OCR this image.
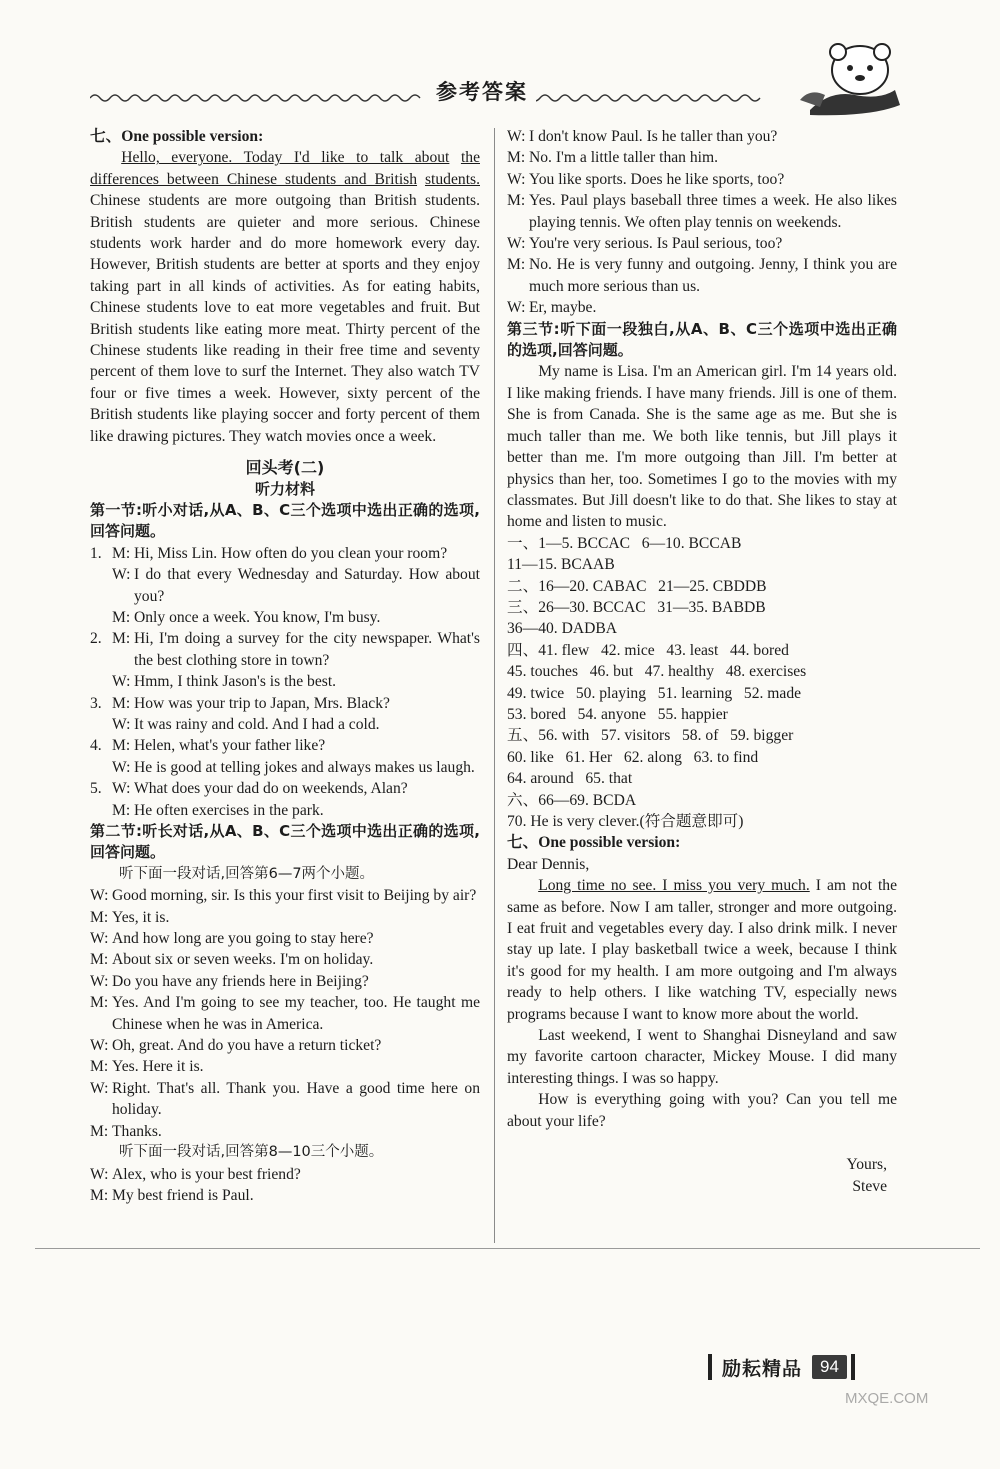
参考答案

七、One possible version:

Hello, everyone. Today I'd like to talk about the differences between Chinese students and British students. Chinese students are more outgoing than British students. British students are quieter and more serious. Chinese students work harder and do more homework every day. However, British students are better at sports and they enjoy taking part in all kinds of activities. As for eating habits, Chinese students love to eat more vegetables and fruit. But British students like eating more meat. Thirty percent of the Chinese students like reading in their free time and seventy percent of them love to surf the Internet. They also watch TV four or five times a week. However, sixty percent of the British students like playing soccer and forty percent of them like drawing pictures. They watch movies once a week.

回头考(二)

听力材料

第一节:听小对话,从A、B、C三个选项中选出正确的选项,回答问题。

1. M: Hi, Miss Lin. How often do you clean your room?
W: I do that every Wednesday and Saturday. How about you?
M: Only once a week. You know, I'm busy.
2. M: Hi, I'm doing a survey for the city newspaper. What's the best clothing store in town?
W: Hmm, I think Jason's is the best.
3. M: How was your trip to Japan, Mrs. Black?
W: It was rainy and cold. And I had a cold.
4. M: Helen, what's your father like?
W: He is good at telling jokes and always makes us laugh.
5. W: What does your dad do on weekends, Alan?
M: He often exercises in the park.

第二节:听长对话,从A、B、C三个选项中选出正确的选项,回答问题。

听下面一段对话,回答第6—7两个小题。

W: Good morning, sir. Is this your first visit to Beijing by air?
M: Yes, it is.
W: And how long are you going to stay here?
M: About six or seven weeks. I'm on holiday.
W: Do you have any friends here in Beijing?
M: Yes. And I'm going to see my teacher, too. He taught me Chinese when he was in America.
W: Oh, great. And do you have a return ticket?
M: Yes. Here it is.
W: Right. That's all. Thank you. Have a good time here on holiday.
M: Thanks.

听下面一段对话,回答第8—10三个小题。

W: Alex, who is your best friend?
M: My best friend is Paul.
W: I don't know Paul. Is he taller than you?
M: No. I'm a little taller than him.
W: You like sports. Does he like sports, too?
M: Yes. Paul plays baseball three times a week. He also likes playing tennis. We often play tennis on weekends.
W: You're very serious. Is Paul serious, too?
M: No. He is very funny and outgoing. Jenny, I think you are much more serious than us.
W: Er, maybe.

第三节:听下面一段独白,从A、B、C三个选项中选出正确的选项,回答问题。

My name is Lisa. I'm an American girl. I'm 14 years old. I like making friends. I have many friends. Jill is one of them. She is from Canada. She is the same age as me. But she is much taller than me. We both like tennis, but Jill plays it better than me. I'm more outgoing than Jill. I'm better at physics than her, too. Sometimes I go to the movies with my classmates. But Jill doesn't like to do that. She likes to stay at home and listen to music.

一、1—5. BCCAC   6—10. BCCAB

11—15. BCAAB

二、16—20. CABAC   21—25. CBDDB

三、26—30. BCCAC   31—35. BABDB

36—40. DADBA

四、41. flew   42. mice   43. least   44. bored

45. touches   46. but   47. healthy   48. exercises

49. twice   50. playing   51. learning   52. made

53. bored   54. anyone   55. happier

五、56. with   57. visitors   58. of   59. bigger

60. like   61. Her   62. along   63. to find

64. around   65. that

六、66—69. BCDA

70. He is very clever.(符合题意即可)

七、One possible version:

Dear Dennis,

Long time no see. I miss you very much. I am not the same as before. Now I am taller, stronger and more outgoing. I eat fruit and vegetables every day. I also drink milk. I never stay up late. I play basketball twice a week, because I think it's good for my health. I am more outgoing and I'm always ready to help others. I like watching TV, especially news programs because I want to know more about the world.

Last weekend, I went to Shanghai Disneyland and saw my favorite cartoon character, Mickey Mouse. I did many interesting things. I was so happy.

How is everything going with you? Can you tell me about your life?

Yours,

Steve

励耘精品	94
MXQE.COM
